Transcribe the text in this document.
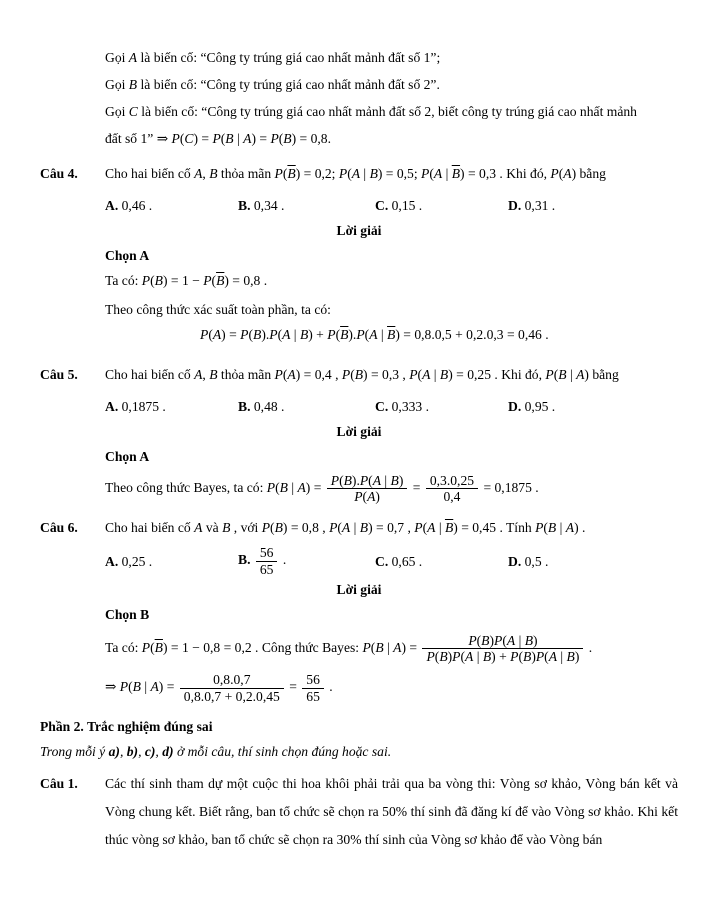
Gọi A là biến cố: “Công ty trúng giá cao nhất mảnh đất số 1”;
Gọi B là biến cố: “Công ty trúng giá cao nhất mảnh đất số 2”.
Gọi C là biến cố: “Công ty trúng giá cao nhất mảnh đất số 2, biết công ty trúng giá cao nhất mảnh
đất số 1” ⇒ P(C) = P(B | A) = P(B) = 0,8.
Câu 4.	Cho hai biến cố A, B thỏa mãn $P(\overline{B}) = 0,2$; P(A | B) = 0,5; P(A | $\overline{B}) = 0,3$ . Khi đó, P(A) bằng
A. 0,46 .	B. 0,34 .	C. 0,15 .	D. 0,31 .
Lời giải
Chọn A
Ta có: $P(B) = 1 - P(\overline{B}) = 0,8$ .
Theo công thức xác suất toàn phần, ta có:
P(A) = P(B).P(A | $B) + P(\overline{B}).P(A$ | $\overline{B}) = 0,8.0,5 + 0,2.0,3 = 0,46$ .
Câu 5.	Cho hai biến cố A, B thỏa mãn P(A) = 0,4 , P(B) = 0,3 , P(A | B) = 0,25 . Khi đó, P(B | A) bằng
A. 0,1875 .	B. 0,48 .	C. 0,333 .	D. 0,95 .
Lời giải
Chọn A
Theo công thức Bayes, ta có: P(B | $A) = \frac{P(B).P(A | B)}{P(A)} = \frac{0,3.0,25}{0,4} = 0,1875$ .
Câu 6.	Cho hai biến cố A và B , với P(B) = 0,8 , P(A | B) = 0,7 , P(A | $\overline{B}) = 0,45$ . Tính P(B | A) .
A. 0,25 .	B. $\frac{56}{65}$ .	C. 0,65 .	D. 0,5 .
Lời giải
Chọn B
Ta có: $P(\overline{B}) = 1 - 0,8 = 0,2$ . Công thức Bayes: P(B | $A) = \frac{P(B)P(A | B)}{P(B)P(A | B) + P(\overline{B})P(A | \overline{B})}$ .
⇒ P(B | $A) = \frac{0,8.0,7}{0,8.0,7 + 0,2.0,45} = \frac{56}{65}$ .
Phần 2. Trắc nghiệm đúng sai
Trong mỗi ý a), b), c), d) ở mỗi câu, thí sinh chọn đúng hoặc sai.
Câu 1.	Các thí sinh tham dự một cuộc thi hoa khôi phải trải qua ba vòng thi: Vòng sơ khảo, Vòng bán kết và Vòng chung kết. Biết rằng, ban tổ chức sẽ chọn ra 50% thí sinh đã đăng kí để vào Vòng sơ khảo. Khi kết thúc vòng sơ khảo, ban tổ chức sẽ chọn ra 30% thí sinh của Vòng sơ khảo để vào Vòng bán
